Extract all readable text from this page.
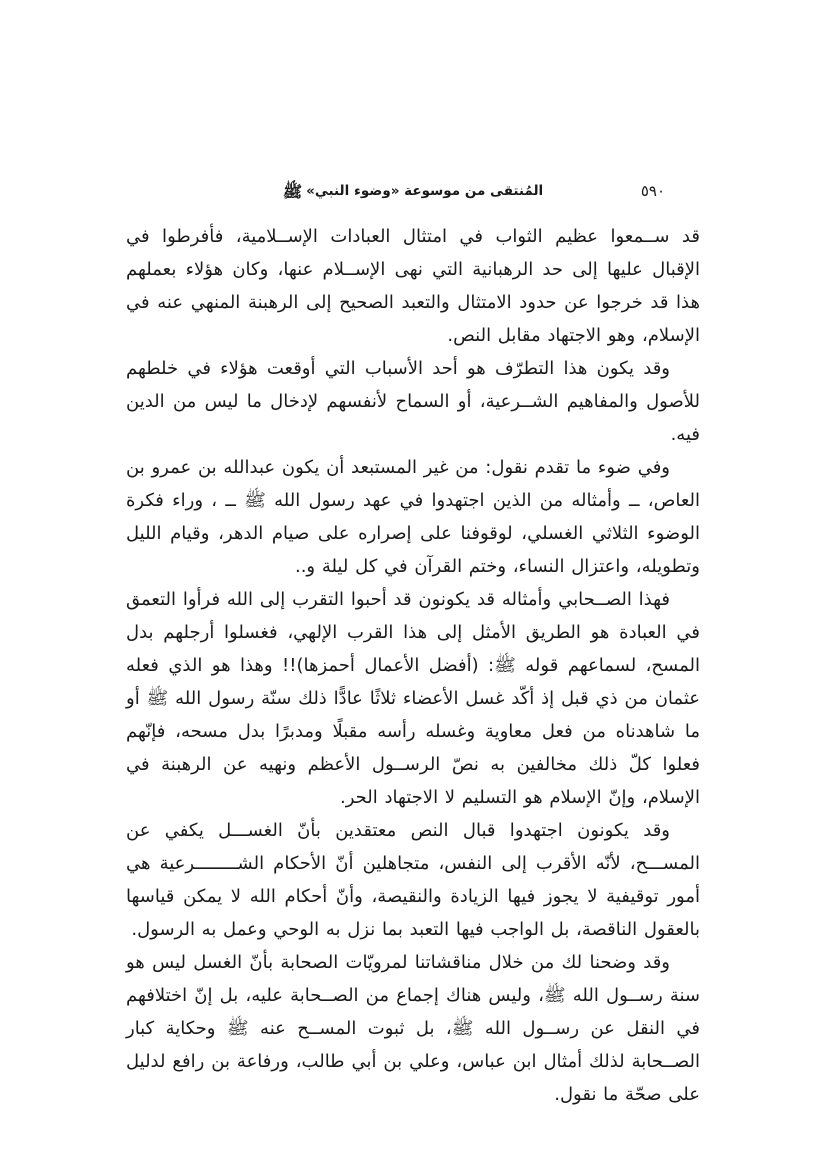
المُنتقى من موسوعة «وضوء النبي»ﷺ	٥٩٠

قد ســمعوا عظيم الثواب في امتثال العبادات الإســلامية، فأفرطوا في الإقبال عليها إلى حد الرهبانية التي نهى الإســلام عنها، وكان هؤلاء بعملهم هذا قد خرجوا عن حدود الامتثال والتعبد الصحيح إلى الرهبنة المنهي عنه في الإسلام، وهو الاجتهاد مقابل النص.

وقد يكون هذا التطرّف هو أحد الأسباب التي أوقعت هؤلاء في خلطهم للأصول والمفاهيم الشــرعية، أو السماح لأنفسهم لإدخال ما ليس من الدين فيه.

وفي ضوء ما تقدم نقول: من غير المستبعد أن يكون عبدالله بن عمرو بن العاص، ــ وأمثاله من الذين اجتهدوا في عهد رسول الله ﷺ ــ ، وراء فكرة الوضوء الثلاثي الغسلي، لوقوفنا على إصراره على صيام الدهر، وقيام الليل وتطويله، واعتزال النساء، وختم القرآن في كل ليلة و..

فهذا الصــحابي وأمثاله قد يكونون قد أحبوا التقرب إلى الله فرأوا التعمق في العبادة هو الطريق الأمثل إلى هذا القرب الإلهي، فغسلوا أرجلهم بدل المسح، لسماعهم قوله ﷺ: (أفضل الأعمال أحمزها)!! وهذا هو الذي فعله عثمان من ذي قبل إذ أكّد غسل الأعضاء ثلاثًا عادًّا ذلك سنّة رسول الله ﷺ أو ما شاهدناه من فعل معاوية وغسله رأسه مقبلًا ومدبرًا بدل مسحه، فإنّهم فعلوا كلّ ذلك مخالفين به نصّ الرســول الأعظم ونهيه عن الرهبنة في الإسلام، وإنّ الإسلام هو التسليم لا الاجتهاد الحر.

وقد يكونون اجتهدوا قبال النص معتقدين بأنّ الغســـل يكفي عن المســـح، لأنّه الأقرب إلى النفس، متجاهلين أنّ الأحكام الشــــــــرعية هي أمور توقيفية لا يجوز فيها الزيادة والنقيصة، وأنّ أحكام الله لا يمكن قياسها بالعقول الناقصة، بل الواجب فيها التعبد بما نزل به الوحي وعمل به الرسول.

وقد وضحنا لك من خلال مناقشاتنا لمرويّات الصحابة بأنّ الغسل ليس هو سنة رســول الله ﷺ، وليس هناك إجماع من الصــحابة عليه، بل إنّ اختلافهم في النقل عن رســول الله ﷺ، بل ثبوت المســح عنه ﷺ وحكاية كبار الصــحابة لذلك أمثال ابن عباس، وعلي بن أبي طالب، ورفاعة بن رافع لدليل على صحّة ما نقول.
